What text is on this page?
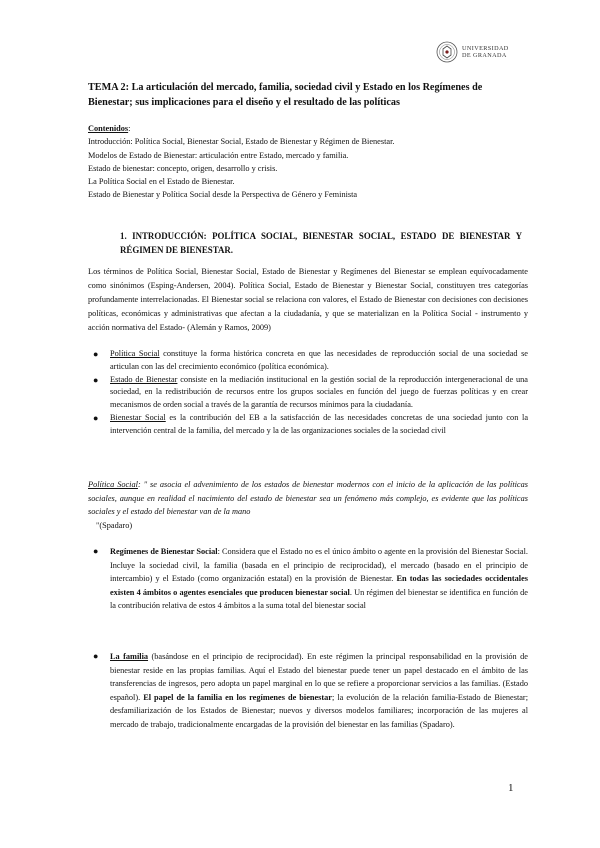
UNIVERSIDAD
DE GRANADA
TEMA 2: La articulación del mercado, familia, sociedad civil y Estado en los Regímenes de Bienestar; sus implicaciones para el diseño y el resultado de las políticas
Contenidos:
Introducción: Política Social, Bienestar Social, Estado de Bienestar y Régimen de Bienestar.
Modelos de Estado de Bienestar: articulación entre Estado, mercado y familia.
Estado de bienestar: concepto, origen, desarrollo y crisis.
La Política Social en el Estado de Bienestar.
Estado de Bienestar y Política Social desde la Perspectiva de Género y Feminista
1. INTRODUCCIÓN: POLÍTICA SOCIAL, BIENESTAR SOCIAL, ESTADO DE BIENESTAR Y RÉGIMEN DE BIENESTAR.
Los términos de Política Social, Bienestar Social, Estado de Bienestar y Regímenes del Bienestar se emplean equívocadamente como sinónimos (Esping-Andersen, 2004). Política Social, Estado de Bienestar y Bienestar Social, constituyen tres categorías profundamente interrelacionadas. El Bienestar social se relaciona con valores, el Estado de Bienestar con decisiones con decisiones políticas, económicas y administrativas que afectan a la ciudadanía, y que se materializan en la Política Social - instrumento y acción normativa del Estado- (Alemán y Ramos, 2009)
● Política Social constituye la forma histórica concreta en que las necesidades de reproducción social de una sociedad se articulan con las del crecimiento económico (política económica).
● Estado de Bienestar consiste en la mediación institucional en la gestión social de la reproducción intergeneracional de una sociedad, en la redistribución de recursos entre los grupos sociales en función del juego de fuerzas políticas y en crear mecanismos de orden social a través de la garantía de recursos mínimos para la ciudadanía.
● Bienestar Social es la contribución del EB a la satisfacción de las necesidades concretas de una sociedad junto con la intervención central de la familia, del mercado y la de las organizaciones sociales de la sociedad civil
Política Social: " se asocia el advenimiento de los estados de bienestar modernos con el inicio de la aplicación de las políticas sociales, aunque en realidad el nacimiento del estado de bienestar sea un fenómeno más complejo, es evidente que las políticas sociales y el estado del bienestar van de la mano
"(Spadaro)
● Regímenes de Bienestar Social: Considera que el Estado no es el único ámbito o agente en la provisión del Bienestar Social. Incluye la sociedad civil, la familia (basada en el principio de reciprocidad), el mercado (basado en el principio de intercambio) y el Estado (como organización estatal) en la provisión de Bienestar. En todas las sociedades occidentales existen 4 ámbitos o agentes esenciales que producen bienestar social. Un régimen del bienestar se identifica en función de la contribución relativa de estos 4 ámbitos a la suma total del bienestar social
● La familia (basándose en el principio de reciprocidad). En este régimen la principal responsabilidad en la provisión de bienestar reside en las propias familias. Aquí el Estado del bienestar puede tener un papel destacado en el ámbito de las transferencias de ingresos, pero adopta un papel marginal en lo que se refiere a proporcionar servicios a las familias. (Estado español). El papel de la familia en los regímenes de bienestar; la evolución de la relación familia-Estado de Bienestar; desfamiliarización de los Estados de Bienestar; nuevos y diversos modelos familiares; incorporación de las mujeres al mercado de trabajo, tradicionalmente encargadas de la provisión del bienestar en las familias (Spadaro).
1
